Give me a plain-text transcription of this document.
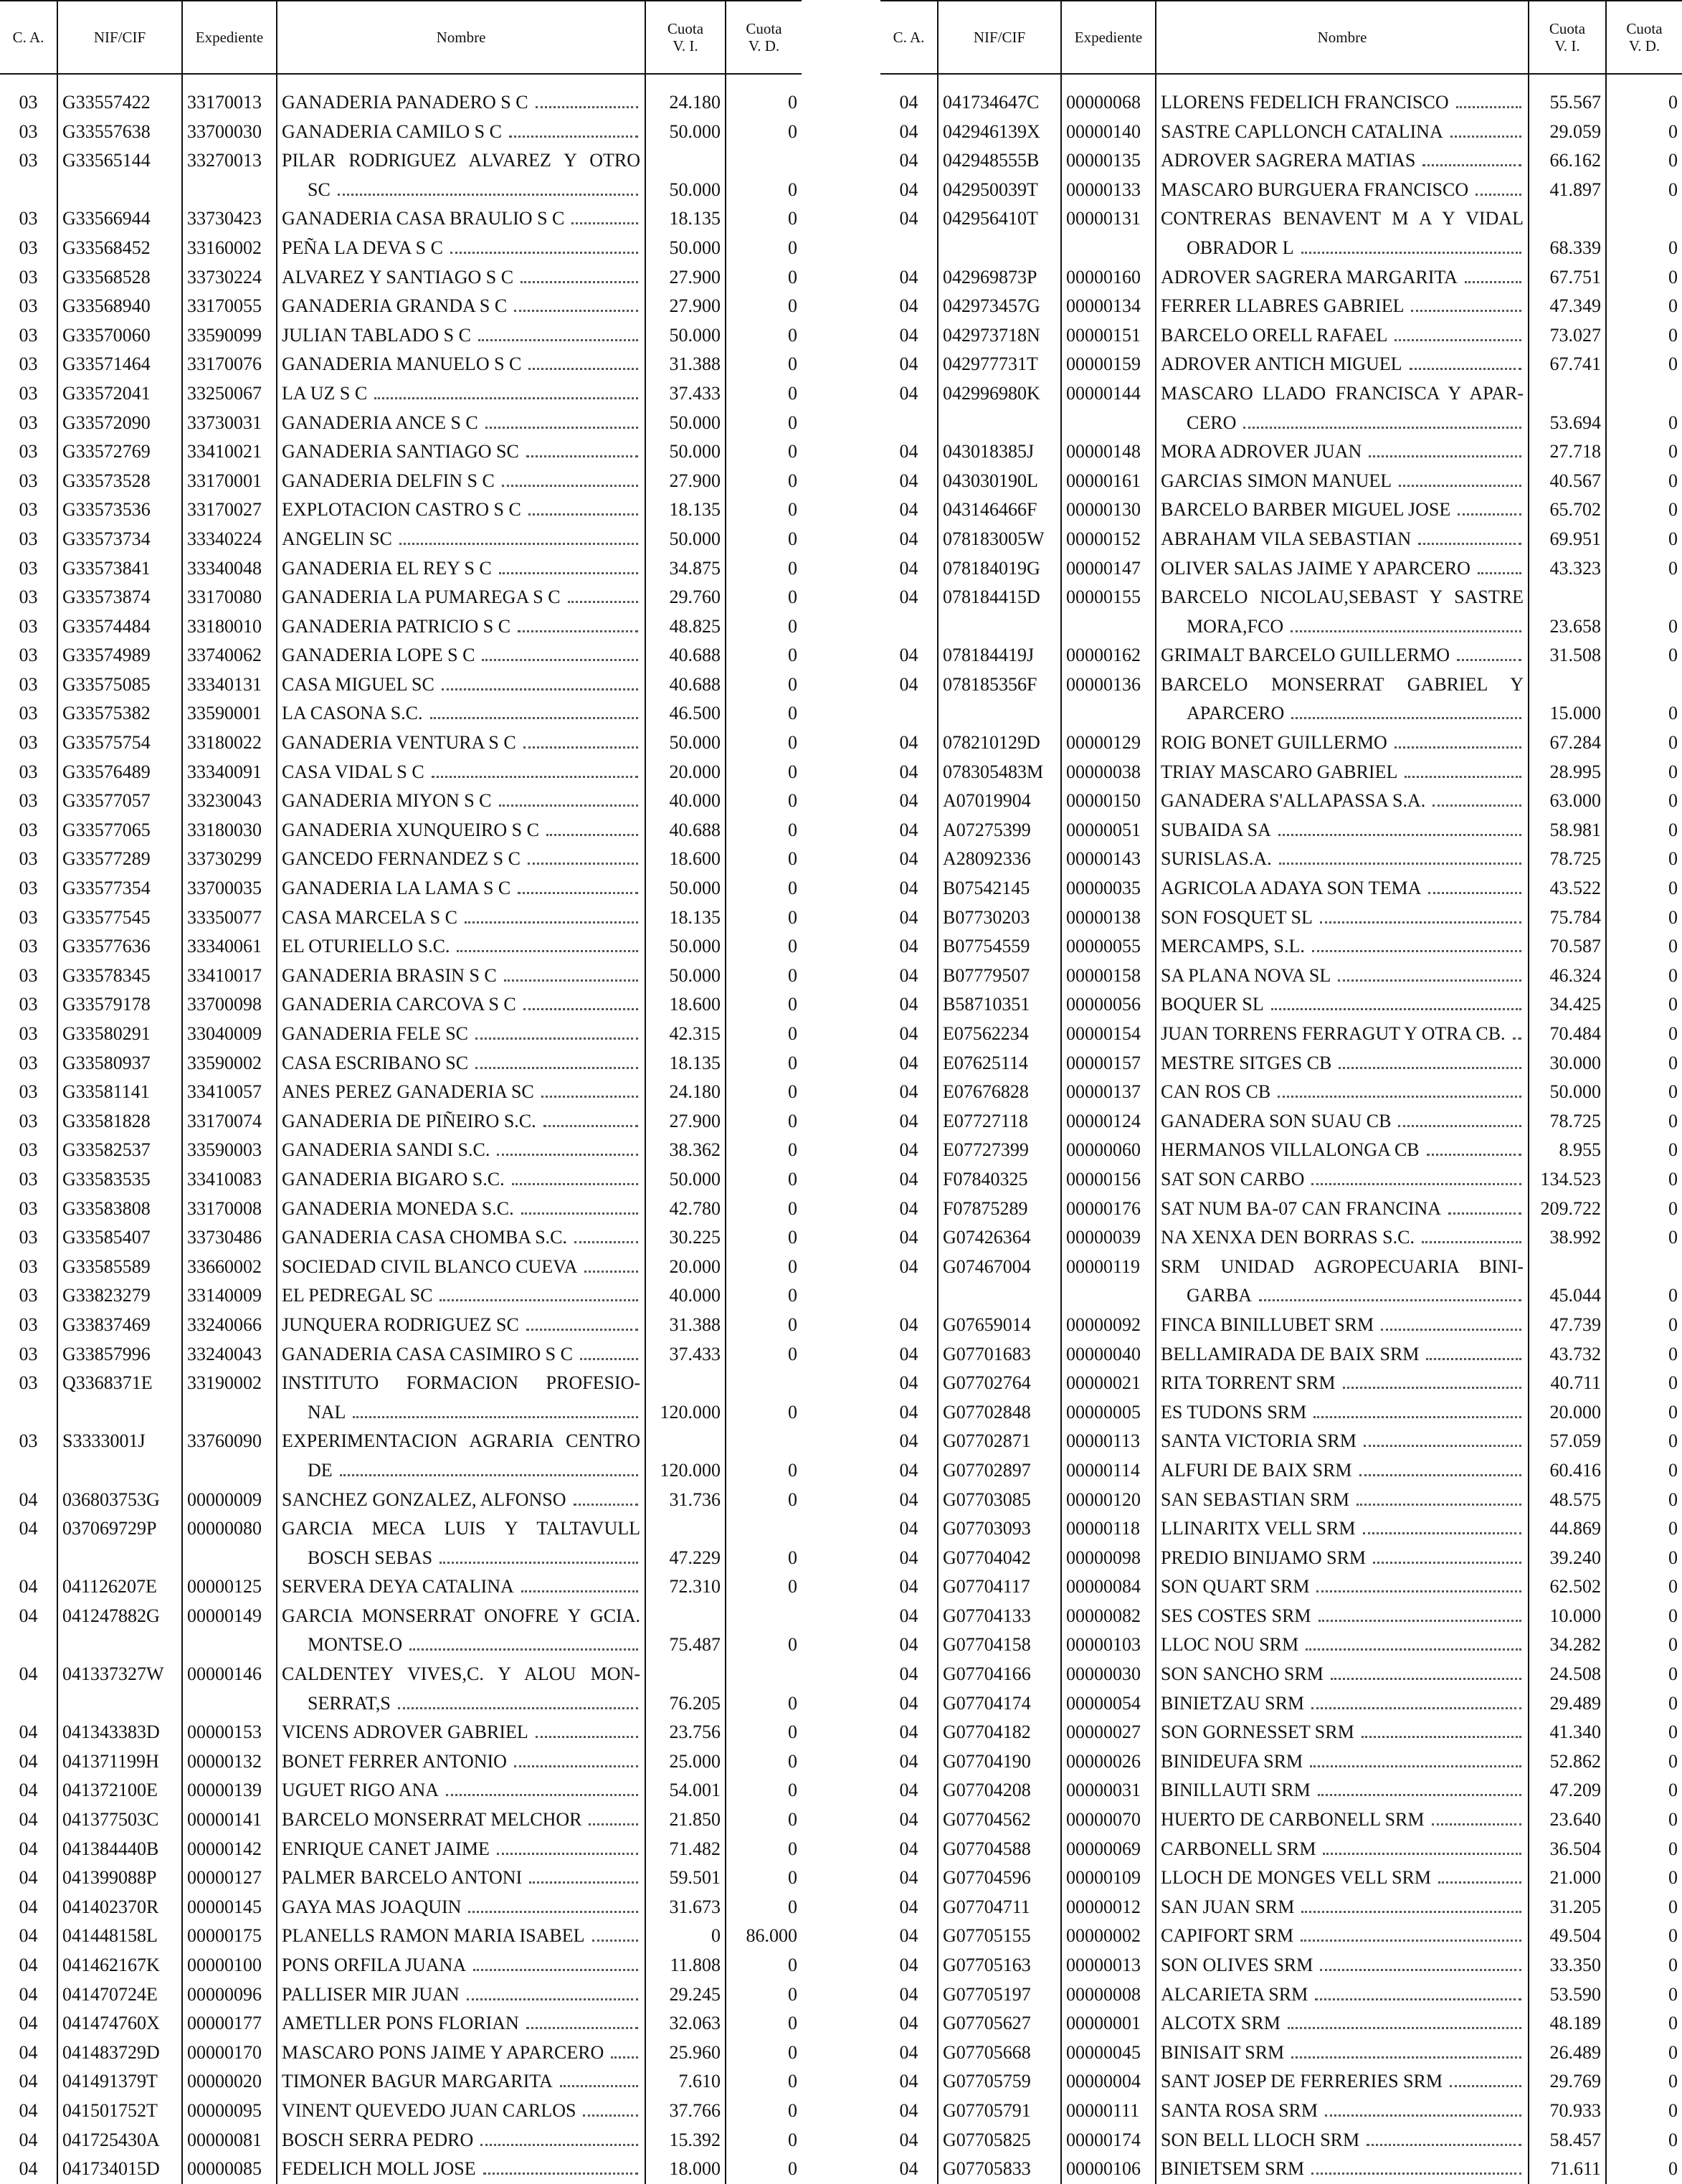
C. A.	NIF/CIF	Expediente	Nombre	Cuota
V. I.	Cuota
V. D.

03	G33557422	33170013	GANADERIA PANADERO S C	24.180	0
03	G33557638	33700030	GANADERIA CAMILO S C	50.000	0
03	G33565144	33270013	PILAR RODRIGUEZ ALVAREZ Y OTRO
SC	50.000	0
03	G33566944	33730423	GANADERIA CASA BRAULIO S C	18.135	0
03	G33568452	33160002	PEÑA LA DEVA S C	50.000	0
03	G33568528	33730224	ALVAREZ Y SANTIAGO S C	27.900	0
03	G33568940	33170055	GANADERIA GRANDA S C	27.900	0
03	G33570060	33590099	JULIAN TABLADO S C	50.000	0
03	G33571464	33170076	GANADERIA MANUELO S C	31.388	0
03	G33572041	33250067	LA UZ S C	37.433	0
03	G33572090	33730031	GANADERIA ANCE S C	50.000	0
03	G33572769	33410021	GANADERIA SANTIAGO SC	50.000	0
03	G33573528	33170001	GANADERIA DELFIN S C	27.900	0
03	G33573536	33170027	EXPLOTACION CASTRO S C	18.135	0
03	G33573734	33340224	ANGELIN SC	50.000	0
03	G33573841	33340048	GANADERIA EL REY S C	34.875	0
03	G33573874	33170080	GANADERIA LA PUMAREGA S C	29.760	0
03	G33574484	33180010	GANADERIA PATRICIO S C	48.825	0
03	G33574989	33740062	GANADERIA LOPE S C	40.688	0
03	G33575085	33340131	CASA MIGUEL SC	40.688	0
03	G33575382	33590001	LA CASONA S.C.	46.500	0
03	G33575754	33180022	GANADERIA VENTURA S C	50.000	0
03	G33576489	33340091	CASA VIDAL S C	20.000	0
03	G33577057	33230043	GANADERIA MIYON S C	40.000	0
03	G33577065	33180030	GANADERIA XUNQUEIRO S C	40.688	0
03	G33577289	33730299	GANCEDO FERNANDEZ S C	18.600	0
03	G33577354	33700035	GANADERIA LA LAMA S C	50.000	0
03	G33577545	33350077	CASA MARCELA S C	18.135	0
03	G33577636	33340061	EL OTURIELLO S.C.	50.000	0
03	G33578345	33410017	GANADERIA BRASIN S C	50.000	0
03	G33579178	33700098	GANADERIA CARCOVA S C	18.600	0
03	G33580291	33040009	GANADERIA FELE SC	42.315	0
03	G33580937	33590002	CASA ESCRIBANO SC	18.135	0
03	G33581141	33410057	ANES PEREZ GANADERIA SC	24.180	0
03	G33581828	33170074	GANADERIA DE PIÑEIRO S.C.	27.900	0
03	G33582537	33590003	GANADERIA SANDI S.C.	38.362	0
03	G33583535	33410083	GANADERIA BIGARO S.C.	50.000	0
03	G33583808	33170008	GANADERIA MONEDA S.C.	42.780	0
03	G33585407	33730486	GANADERIA CASA CHOMBA S.C.	30.225	0
03	G33585589	33660002	SOCIEDAD CIVIL BLANCO CUEVA	20.000	0
03	G33823279	33140009	EL PEDREGAL SC	40.000	0
03	G33837469	33240066	JUNQUERA RODRIGUEZ SC	31.388	0
03	G33857996	33240043	GANADERIA CASA CASIMIRO S C	37.433	0
03	Q3368371E	33190002	INSTITUTO FORMACION PROFESIO-
NAL	120.000	0
03	S3333001J	33760090	EXPERIMENTACION AGRARIA CENTRO
DE	120.000	0
04	036803753G	00000009	SANCHEZ GONZALEZ, ALFONSO	31.736	0
04	037069729P	00000080	GARCIA MECA LUIS Y TALTAVULL
BOSCH SEBAS	47.229	0
04	041126207E	00000125	SERVERA DEYA CATALINA	72.310	0
04	041247882G	00000149	GARCIA MONSERRAT ONOFRE Y GCIA.
MONTSE.O	75.487	0
04	041337327W	00000146	CALDENTEY VIVES,C. Y ALOU MON-
SERRAT,S	76.205	0
04	041343383D	00000153	VICENS ADROVER GABRIEL	23.756	0
04	041371199H	00000132	BONET FERRER ANTONIO	25.000	0
04	041372100E	00000139	UGUET RIGO ANA	54.001	0
04	041377503C	00000141	BARCELO MONSERRAT MELCHOR	21.850	0
04	041384440B	00000142	ENRIQUE CANET JAIME	71.482	0
04	041399088P	00000127	PALMER BARCELO ANTONI	59.501	0
04	041402370R	00000145	GAYA MAS JOAQUIN	31.673	0
04	041448158L	00000175	PLANELLS RAMON MARIA ISABEL	0	86.000
04	041462167K	00000100	PONS ORFILA JUANA	11.808	0
04	041470724E	00000096	PALLISER MIR JUAN	29.245	0
04	041474760X	00000177	AMETLLER PONS FLORIAN	32.063	0
04	041483729D	00000170	MASCARO PONS JAIME Y APARCERO	25.960	0
04	041491379T	00000020	TIMONER BAGUR MARGARITA	7.610	0
04	041501752T	00000095	VINENT QUEVEDO JUAN CARLOS	37.766	0
04	041725430A	00000081	BOSCH SERRA PEDRO	15.392	0
04	041734015D	00000085	FEDELICH MOLL JOSE	18.000	0
C. A.	NIF/CIF	Expediente	Nombre	Cuota
V. I.	Cuota
V. D.

04	041734647C	00000068	LLORENS FEDELICH FRANCISCO	55.567	0
04	042946139X	00000140	SASTRE CAPLLONCH CATALINA	29.059	0
04	042948555B	00000135	ADROVER SAGRERA MATIAS	66.162	0
04	042950039T	00000133	MASCARO BURGUERA FRANCISCO	41.897	0
04	042956410T	00000131	CONTRERAS BENAVENT M A Y VIDAL
OBRADOR L	68.339	0
04	042969873P	00000160	ADROVER SAGRERA MARGARITA	67.751	0
04	042973457G	00000134	FERRER LLABRES GABRIEL	47.349	0
04	042973718N	00000151	BARCELO ORELL RAFAEL	73.027	0
04	042977731T	00000159	ADROVER ANTICH MIGUEL	67.741	0
04	042996980K	00000144	MASCARO LLADO FRANCISCA Y APAR-
CERO	53.694	0
04	043018385J	00000148	MORA ADROVER JUAN	27.718	0
04	043030190L	00000161	GARCIAS SIMON MANUEL	40.567	0
04	043146466F	00000130	BARCELO BARBER MIGUEL JOSE	65.702	0
04	078183005W	00000152	ABRAHAM VILA SEBASTIAN	69.951	0
04	078184019G	00000147	OLIVER SALAS JAIME Y APARCERO	43.323	0
04	078184415D	00000155	BARCELO NICOLAU,SEBAST Y SASTRE
MORA,FCO	23.658	0
04	078184419J	00000162	GRIMALT BARCELO GUILLERMO	31.508	0
04	078185356F	00000136	BARCELO MONSERRAT GABRIEL Y
APARCERO	15.000	0
04	078210129D	00000129	ROIG BONET GUILLERMO	67.284	0
04	078305483M	00000038	TRIAY MASCARO GABRIEL	28.995	0
04	A07019904	00000150	GANADERA S'ALLAPASSA S.A.	63.000	0
04	A07275399	00000051	SUBAIDA SA	58.981	0
04	A28092336	00000143	SURISLAS.A.	78.725	0
04	B07542145	00000035	AGRICOLA ADAYA SON TEMA	43.522	0
04	B07730203	00000138	SON FOSQUET SL	75.784	0
04	B07754559	00000055	MERCAMPS, S.L.	70.587	0
04	B07779507	00000158	SA PLANA NOVA SL	46.324	0
04	B58710351	00000056	BOQUER SL	34.425	0
04	E07562234	00000154	JUAN TORRENS FERRAGUT Y OTRA CB.	70.484	0
04	E07625114	00000157	MESTRE SITGES CB	30.000	0
04	E07676828	00000137	CAN ROS CB	50.000	0
04	E07727118	00000124	GANADERA SON SUAU CB	78.725	0
04	E07727399	00000060	HERMANOS VILLALONGA CB	8.955	0
04	F07840325	00000156	SAT SON CARBO	134.523	0
04	F07875289	00000176	SAT NUM BA-07 CAN FRANCINA	209.722	0
04	G07426364	00000039	NA XENXA DEN BORRAS S.C.	38.992	0
04	G07467004	00000119	SRM UNIDAD AGROPECUARIA BINI-
GARBA	45.044	0
04	G07659014	00000092	FINCA BINILLUBET SRM	47.739	0
04	G07701683	00000040	BELLAMIRADA DE BAIX SRM	43.732	0
04	G07702764	00000021	RITA TORRENT SRM	40.711	0
04	G07702848	00000005	ES TUDONS SRM	20.000	0
04	G07702871	00000113	SANTA VICTORIA SRM	57.059	0
04	G07702897	00000114	ALFURI DE BAIX SRM	60.416	0
04	G07703085	00000120	SAN SEBASTIAN SRM	48.575	0
04	G07703093	00000118	LLINARITX VELL SRM	44.869	0
04	G07704042	00000098	PREDIO BINIJAMO SRM	39.240	0
04	G07704117	00000084	SON QUART SRM	62.502	0
04	G07704133	00000082	SES COSTES SRM	10.000	0
04	G07704158	00000103	LLOC NOU SRM	34.282	0
04	G07704166	00000030	SON SANCHO SRM	24.508	0
04	G07704174	00000054	BINIETZAU SRM	29.489	0
04	G07704182	00000027	SON GORNESSET SRM	41.340	0
04	G07704190	00000026	BINIDEUFA SRM	52.862	0
04	G07704208	00000031	BINILLAUTI SRM	47.209	0
04	G07704562	00000070	HUERTO DE CARBONELL SRM	23.640	0
04	G07704588	00000069	CARBONELL SRM	36.504	0
04	G07704596	00000109	LLOCH DE MONGES VELL SRM	21.000	0
04	G07704711	00000012	SAN JUAN SRM	31.205	0
04	G07705155	00000002	CAPIFORT SRM	49.504	0
04	G07705163	00000013	SON OLIVES SRM	33.350	0
04	G07705197	00000008	ALCARIETA SRM	53.590	0
04	G07705627	00000001	ALCOTX SRM	48.189	0
04	G07705668	00000045	BINISAIT SRM	26.489	0
04	G07705759	00000004	SANT JOSEP DE FERRERIES SRM	29.769	0
04	G07705791	00000111	SANTA ROSA SRM	70.933	0
04	G07705825	00000174	SON BELL LLOCH SRM	58.457	0
04	G07705833	00000106	BINIETSEM SRM	71.611	0
